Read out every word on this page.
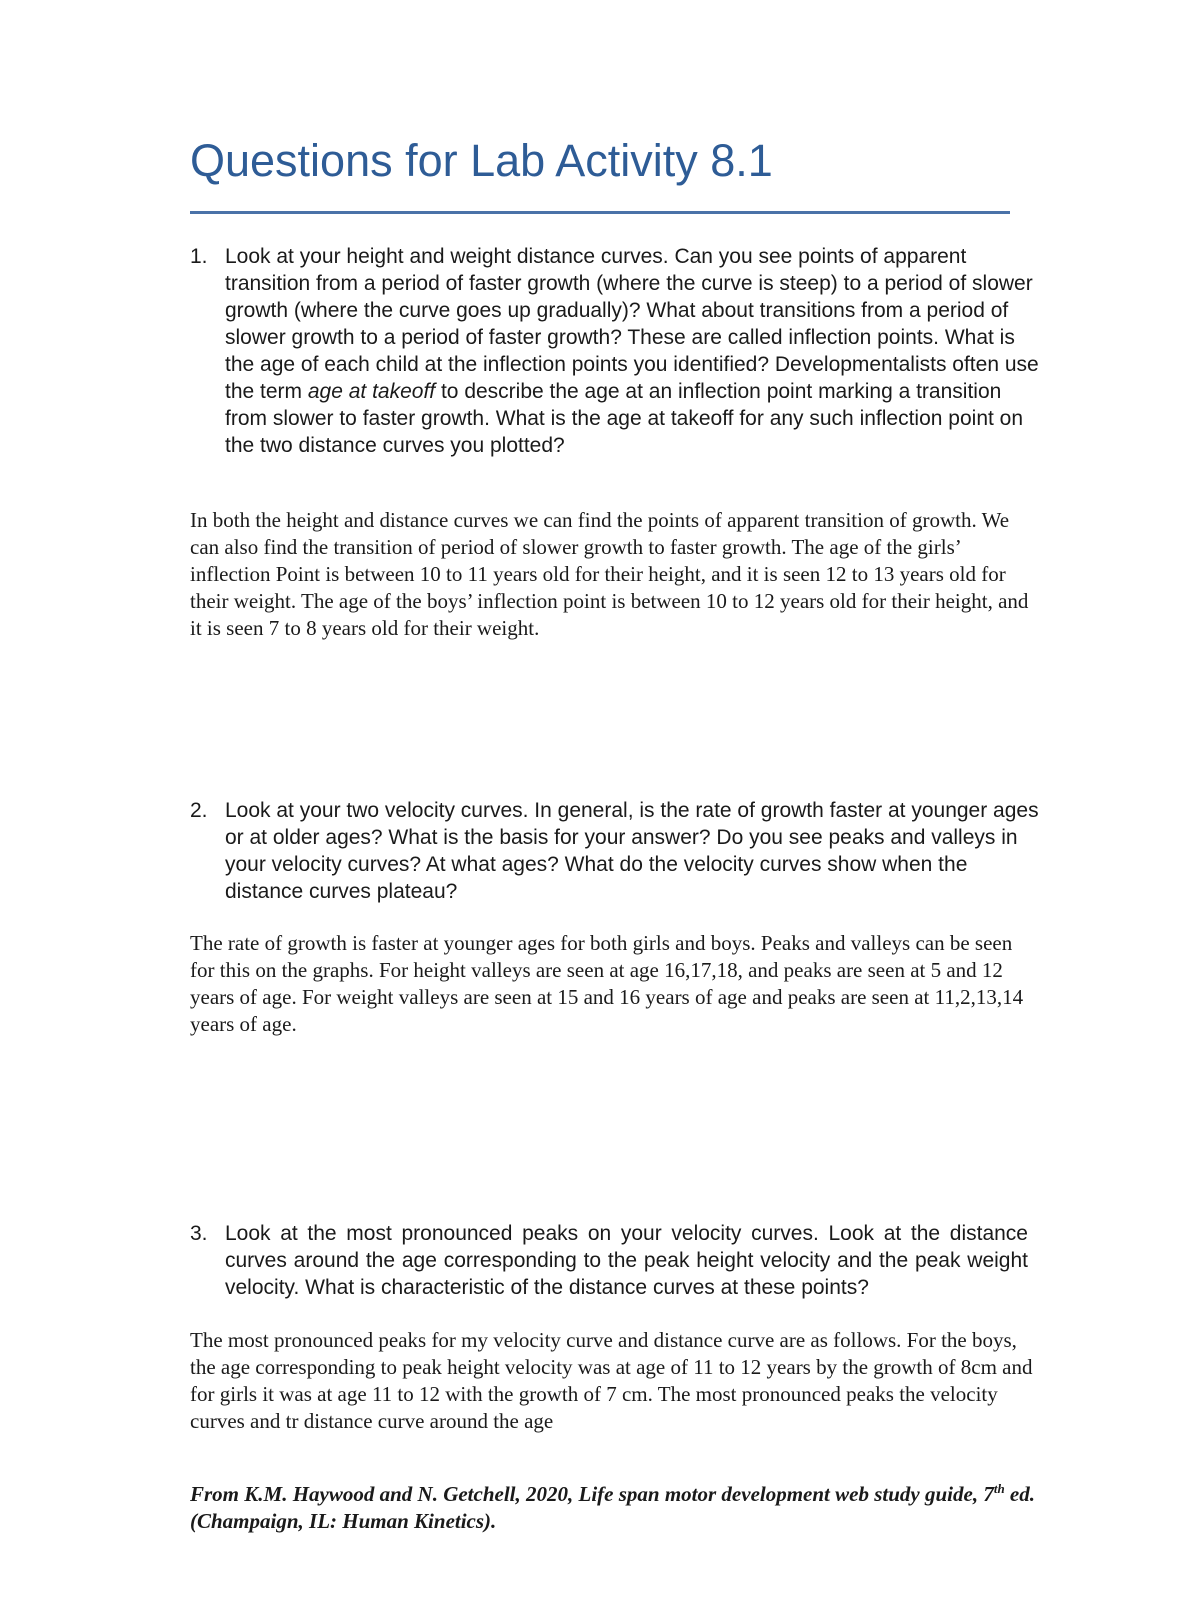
Questions for Lab Activity 8.1
1. Look at your height and weight distance curves. Can you see points of apparent transition from a period of faster growth (where the curve is steep) to a period of slower growth (where the curve goes up gradually)? What about transitions from a period of slower growth to a period of faster growth? These are called inflection points. What is the age of each child at the inflection points you identified? Developmentalists often use the term age at takeoff to describe the age at an inflection point marking a transition from slower to faster growth. What is the age at takeoff for any such inflection point on the two distance curves you plotted?
In both the height and distance curves we can find the points of apparent transition of growth. We can also find the transition of period of slower growth to faster growth. The age of the girls’ inflection Point is between 10 to 11 years old for their height, and it is seen 12 to 13 years old for their weight. The age of the boys’ inflection point is between 10 to 12 years old for their height, and it is seen 7 to 8 years old for their weight.
2. Look at your two velocity curves. In general, is the rate of growth faster at younger ages or at older ages? What is the basis for your answer? Do you see peaks and valleys in your velocity curves? At what ages? What do the velocity curves show when the distance curves plateau?
The rate of growth is faster at younger ages for both girls and boys. Peaks and valleys can be seen for this on the graphs. For height valleys are seen at age 16,17,18, and peaks are seen at 5 and 12 years of age. For weight valleys are seen at 15 and 16 years of age and peaks are seen at 11,2,13,14 years of age.
3. Look at the most pronounced peaks on your velocity curves. Look at the distance curves around the age corresponding to the peak height velocity and the peak weight velocity. What is characteristic of the distance curves at these points?
The most pronounced peaks for my velocity curve and distance curve are as follows. For the boys, the age corresponding to peak height velocity was at age of 11 to 12 years by the growth of 8cm and for girls it was at age 11 to 12 with the growth of 7 cm. The most pronounced peaks the velocity curves and tr distance curve around the age
From K.M. Haywood and N. Getchell, 2020, Life span motor development web study guide, 7th ed. (Champaign, IL: Human Kinetics).
